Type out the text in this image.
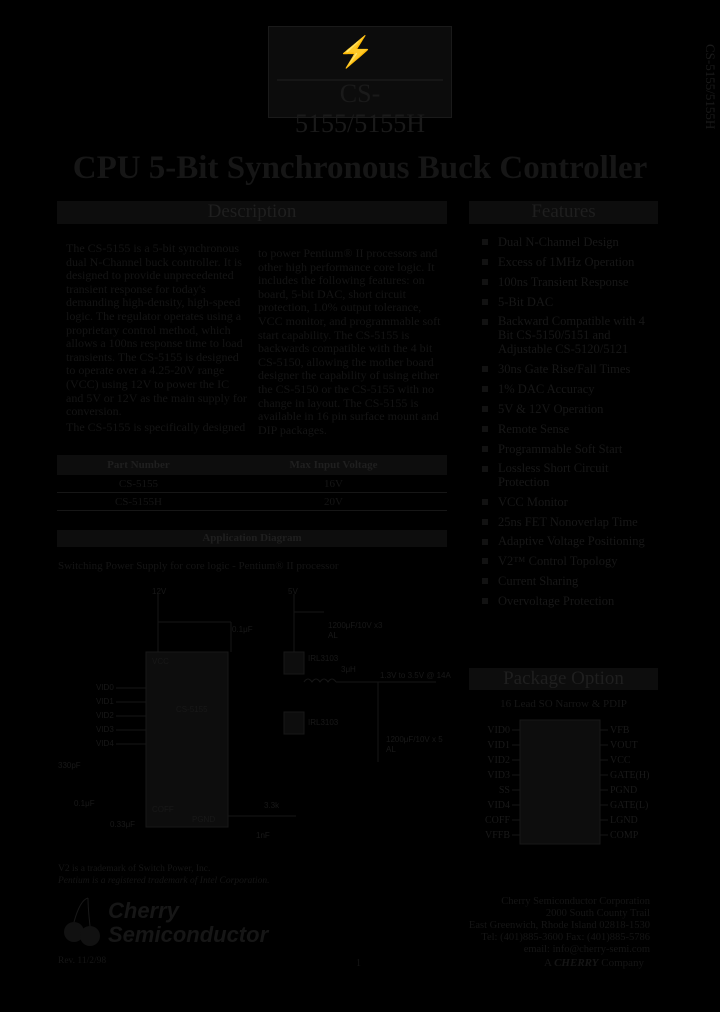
⚡
CS-5155/5155H	CS-5155/5155H
CPU 5-Bit Synchronous Buck Controller
Description

The CS-5155 is a 5-bit synchronous dual N-Channel buck controller. It is designed to provide unprecedented transient response for today's demanding high-density, high-speed logic. The regulator operates using a proprietary control method, which allows a 100ns response time to load transients. The CS-5155 is designed to operate over a 4.25-20V range (VCC) using 12V to power the IC and 5V or 12V as the main supply for conversion.

The CS-5155 is specifically designed

to power Pentium® II processors and other high performance core logic. It includes the following features: on board, 5-bit DAC, short circuit protection, 1.0% output tolerance, VCC monitor, and programmable soft start capability. The CS-5155 is backwards compatible with the 4 bit CS-5150, allowing the mother board designer the capability of using either the CS-5150 or the CS-5155 with no change in layout. The CS-5155 is available in 16 pin surface mount and DIP packages.

Part Number	Max Input Voltage
CS-5155	16V
CS-5155H	20V
Application Diagram
Switching Power Supply for core logic - Pentium® II processor
CS-5155
VID0
VID1
VID2
VID3
VID4
COFF
VCC
PGND
12V	5V
0.1μF	1200μF/10V x3
AL
IRL3103
3μH
1.3V to 3.5V @ 14A
IRL3103
1200μF/10V x 5
AL
330pF
0.1μF
0.33μF
3.3k
1nF
V2 is a trademark of Switch Power, Inc.
Pentium is a registered trademark of Intel Corporation.
Features
Dual N-Channel Design
Excess of 1MHz Operation
100ns Transient Response
5-Bit DAC
Backward Compatible with 4 Bit CS-5150/5151 and Adjustable CS-5120/5121
30ns Gate Rise/Fall Times
1% DAC Accuracy
5V & 12V Operation
Remote Sense
Programmable Soft Start
Lossless Short Circuit Protection
VCC Monitor
25ns FET Nonoverlap Time
Adaptive Voltage Positioning
V2™ Control Topology
Current Sharing
Overvoltage Protection
Package Option
16 Lead SO Narrow & PDIP
VID0
VID1
VID2
VID3
SS
VID4
COFF
VFFB
VFB
VOUT
VCC
GATE(H)
PGND
GATE(L)
LGND
COMP
Cherry
Semiconductor
Cherry Semiconductor Corporation
2000 South County Trail
East Greenwich, Rhode Island 02818-1530
Tel: (401)885-3600 Fax: (401)885-5786
email: info@cherry-semi.com
Rev. 11/2/98	1	A CHERRY Company
